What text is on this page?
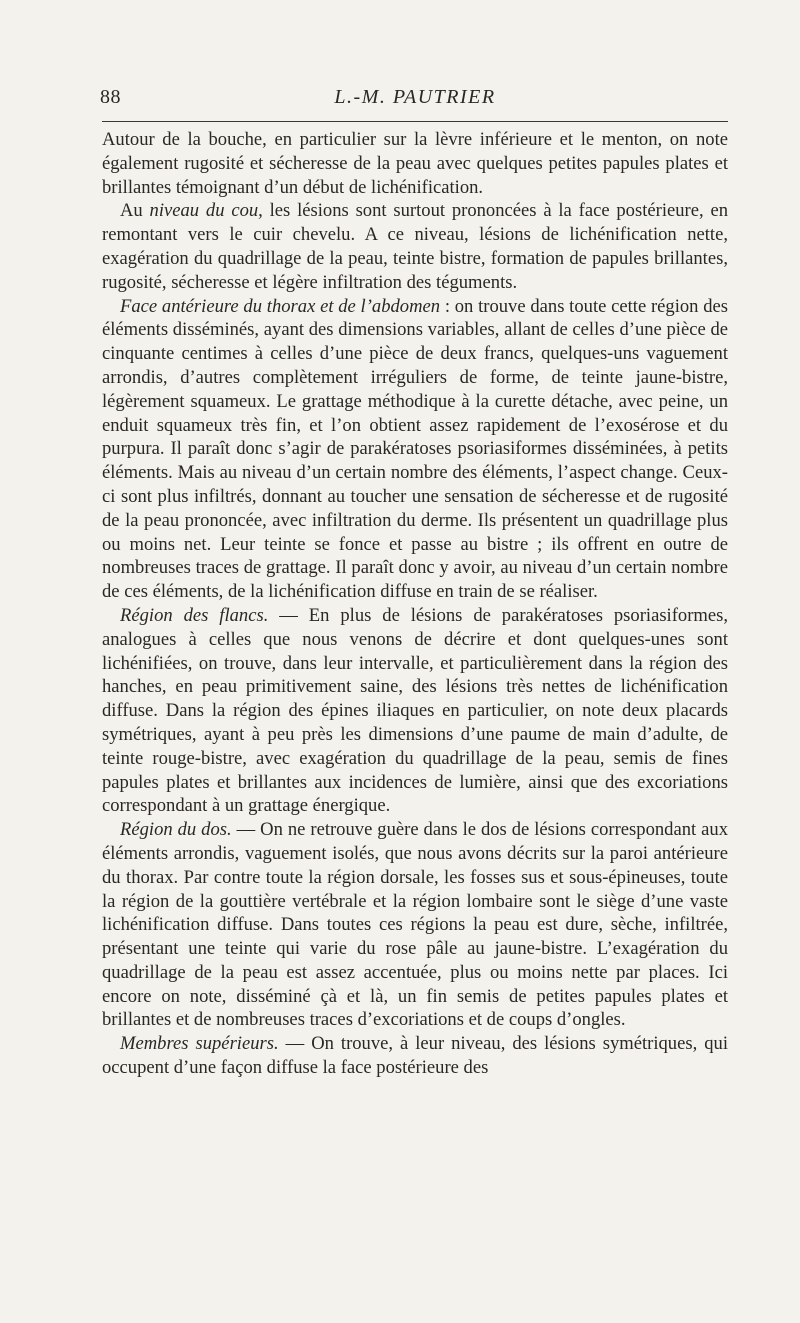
88	L.-M. PAUTRIER

Autour de la bouche, en particulier sur la lèvre inférieure et le menton, on note également rugosité et sécheresse de la peau avec quelques petites papules plates et brillantes témoignant d’un début de lichénification.

Au niveau du cou, les lésions sont surtout prononcées à la face postérieure, en remontant vers le cuir chevelu. A ce niveau, lésions de lichénification nette, exagération du quadrillage de la peau, teinte bistre, formation de papules brillantes, rugosité, sécheresse et légère infiltration des téguments.

Face antérieure du thorax et de l’abdomen : on trouve dans toute cette région des éléments disséminés, ayant des dimensions variables, allant de celles d’une pièce de cinquante centimes à celles d’une pièce de deux francs, quelques-uns vaguement arrondis, d’autres complètement irréguliers de forme, de teinte jaune-bistre, légèrement squameux. Le grattage méthodique à la curette détache, avec peine, un enduit squameux très fin, et l’on obtient assez rapidement de l’exosérose et du purpura. Il paraît donc s’agir de parakératoses psoriasiformes disséminées, à petits éléments. Mais au niveau d’un certain nombre des éléments, l’aspect change. Ceux-ci sont plus infiltrés, donnant au toucher une sensation de sécheresse et de rugosité de la peau prononcée, avec infiltration du derme. Ils présentent un quadrillage plus ou moins net. Leur teinte se fonce et passe au bistre ; ils offrent en outre de nombreuses traces de grattage. Il paraît donc y avoir, au niveau d’un certain nombre de ces éléments, de la lichénification diffuse en train de se réaliser.

Région des flancs. — En plus de lésions de parakératoses psoriasiformes, analogues à celles que nous venons de décrire et dont quelques-unes sont lichénifiées, on trouve, dans leur intervalle, et particulièrement dans la région des hanches, en peau primitivement saine, des lésions très nettes de lichénification diffuse. Dans la région des épines iliaques en particulier, on note deux placards symétriques, ayant à peu près les dimensions d’une paume de main d’adulte, de teinte rouge-bistre, avec exagération du quadrillage de la peau, semis de fines papules plates et brillantes aux incidences de lumière, ainsi que des excoriations correspondant à un grattage énergique.

Région du dos. — On ne retrouve guère dans le dos de lésions correspondant aux éléments arrondis, vaguement isolés, que nous avons décrits sur la paroi antérieure du thorax. Par contre toute la région dorsale, les fosses sus et sous-épineuses, toute la région de la gouttière vertébrale et la région lombaire sont le siège d’une vaste lichénification diffuse. Dans toutes ces régions la peau est dure, sèche, infiltrée, présentant une teinte qui varie du rose pâle au jaune-bistre. L’exagération du quadrillage de la peau est assez accentuée, plus ou moins nette par places. Ici encore on note, disséminé çà et là, un fin semis de petites papules plates et brillantes et de nombreuses traces d’excoriations et de coups d’ongles.

Membres supérieurs. — On trouve, à leur niveau, des lésions symétriques, qui occupent d’une façon diffuse la face postérieure des
